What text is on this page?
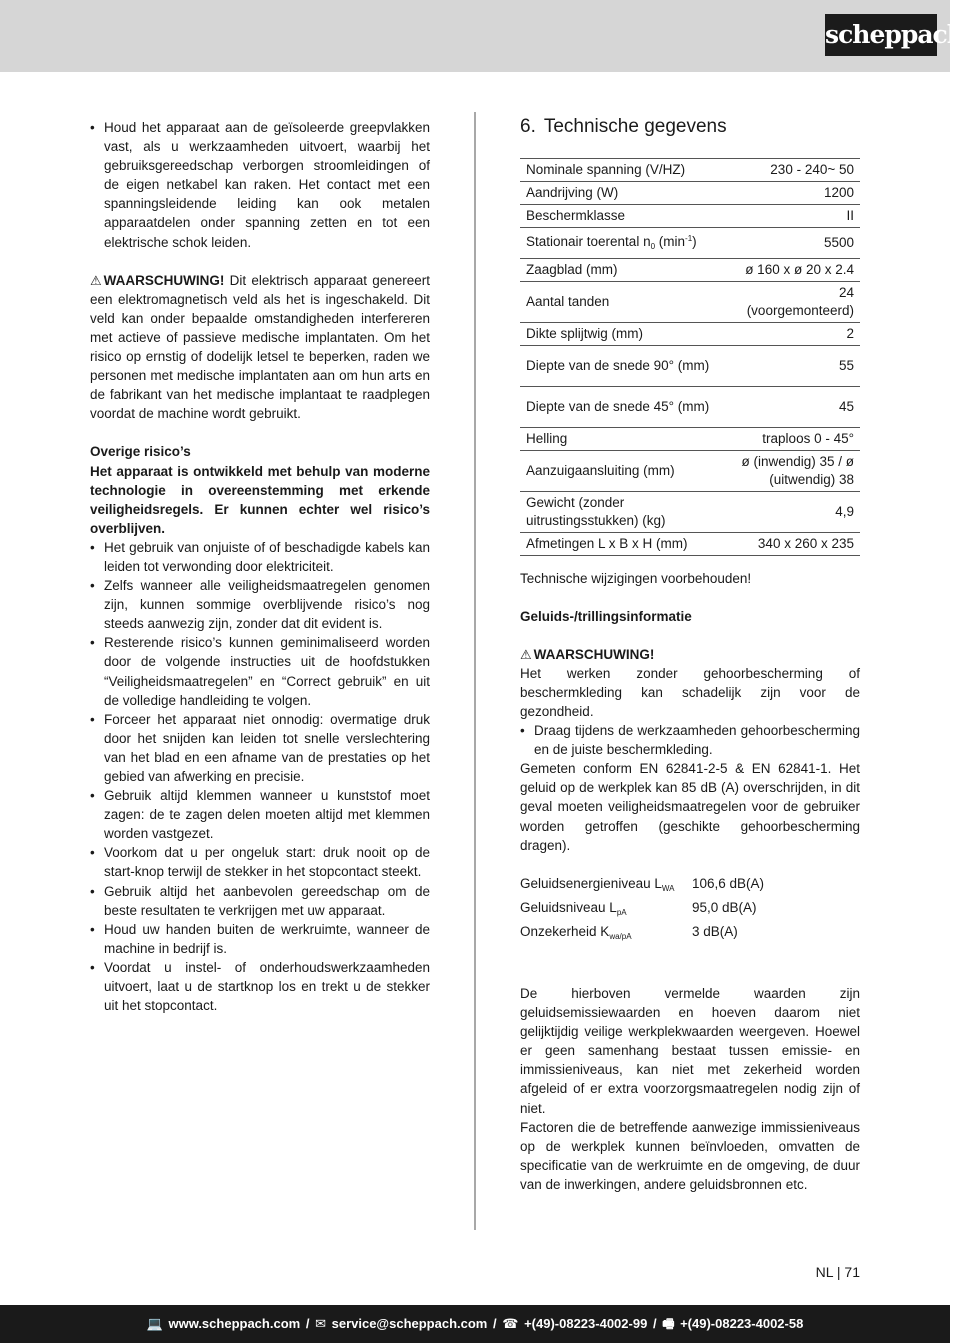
scheppach
• Houd het apparaat aan de geïsoleerde greepvlakken vast, als u werkzaamheden uitvoert, waarbij het gebruiksgereedschap verborgen stroomleidingen of de eigen netkabel kan raken. Het contact met een spanningsleidende leiding kan ook metalen apparaatdelen onder spanning zetten en tot een elektrische schok leiden.

⚠ WAARSCHUWING! Dit elektrisch apparaat genereert een elektromagnetisch veld als het is ingeschakeld. Dit veld kan onder bepaalde omstandigheden interfereren met actieve of passieve medische implantaten. Om het risico op ernstig of dodelijk letsel te beperken, raden we personen met medische implantaten aan om hun arts en de fabrikant van het medische implantaat te raadplegen voordat de machine wordt gebruikt.

Overige risico’s

Het apparaat is ontwikkeld met behulp van moderne technologie in overeenstemming met erkende veiligheidsregels. Er kunnen echter wel risico’s overblijven.

• Het gebruik van onjuiste of of beschadigde kabels kan leiden tot verwonding door elektriciteit.
• Zelfs wanneer alle veiligheidsmaatregelen genomen zijn, kunnen sommige overblijvende risico’s nog steeds aanwezig zijn, zonder dat dit evident is.
• Resterende risico’s kunnen geminimaliseerd worden door de volgende instructies uit de hoofdstukken “Veiligheidsmaatregelen” en “Correct gebruik” en uit de volledige handleiding te volgen.
• Forceer het apparaat niet onnodig: overmatige druk door het snijden kan leiden tot snelle verslechtering van het blad en een afname van de prestaties op het gebied van afwerking en precisie.
• Gebruik altijd klemmen wanneer u kunststof moet zagen: de te zagen delen moeten altijd met klemmen worden vastgezet.
• Voorkom dat u per ongeluk start: druk nooit op de start-knop terwijl de stekker in het stopcontact steekt.
• Gebruik altijd het aanbevolen gereedschap om de beste resultaten te verkrijgen met uw apparaat.
• Houd uw handen buiten de werkruimte, wanneer de machine in bedrijf is.
• Voordat u instel- of onderhoudswerkzaamheden uitvoert, laat u de startknop los en trekt u de stekker uit het stopcontact.
6. Technische gegevens
Nominale spanning (V/HZ)	230 - 240~ 50
Aandrijving (W)	1200
Beschermklasse	II
Stationair toerental $n_0$ $(\min^{-1})$	5500
Zaagblad (mm)	ø 160 x ø 20 x 2.4
Aantal tanden	24 (voorgemonteerd)
Dikte splijtwig (mm)	2
Diepte van de snede 90° (mm)	55
Diepte van de snede 45° (mm)	45
Helling	traploos 0 - 45°
Aanzuigaansluiting (mm)	ø (inwendig) 35 / ø (uitwendig) 38
Gewicht (zonder uitrustingsstukken) (kg)	4,9
Afmetingen L x B x H (mm)	340 x 260 x 235

Technische wijzigingen voorbehouden!

Geluids-/trillingsinformatie

⚠ WAARSCHUWING!

Het werken zonder gehoorbescherming of beschermkleding kan schadelijk zijn voor de gezondheid.

• Draag tijdens de werkzaamheden gehoorbescherming en de juiste beschermkleding.

Gemeten conform EN 62841-2-5 & EN 62841-1. Het geluid op de werkplek kan 85 dB (A) overschrijden, in dit geval moeten veiligheidsmaatregelen voor de gebruiker worden getroffen (geschikte gehoorbescherming dragen).

Geluidsenergieniveau $L_{WA}$	106,6 dB(A)
Geluidsniveau $L_{pA}$	95,0 dB(A)
Onzekerheid $K_{wa/pA}$	3 dB(A)

De hierboven vermelde waarden zijn geluidsemissiewaarden en hoeven daarom niet gelijktijdig veilige werkplekwaarden weergeven. Hoewel er geen samenhang bestaat tussen emissie- en immissieniveaus, kan niet met zekerheid worden afgeleid of er extra voorzorgsmaatregelen nodig zijn of niet.

Factoren die de betreffende aanwezige immissieniveaus op de werkplek kunnen beïnvloeden, omvatten de specificatie van de werkruimte en de omgeving, de duur van de inwerkingen, andere geluidsbronnen etc.

NL | 71
💻 www.scheppach.com / ✉ service@scheppach.com / ☎ +(49)-08223-4002-99 / 🖷 +(49)-08223-4002-58
